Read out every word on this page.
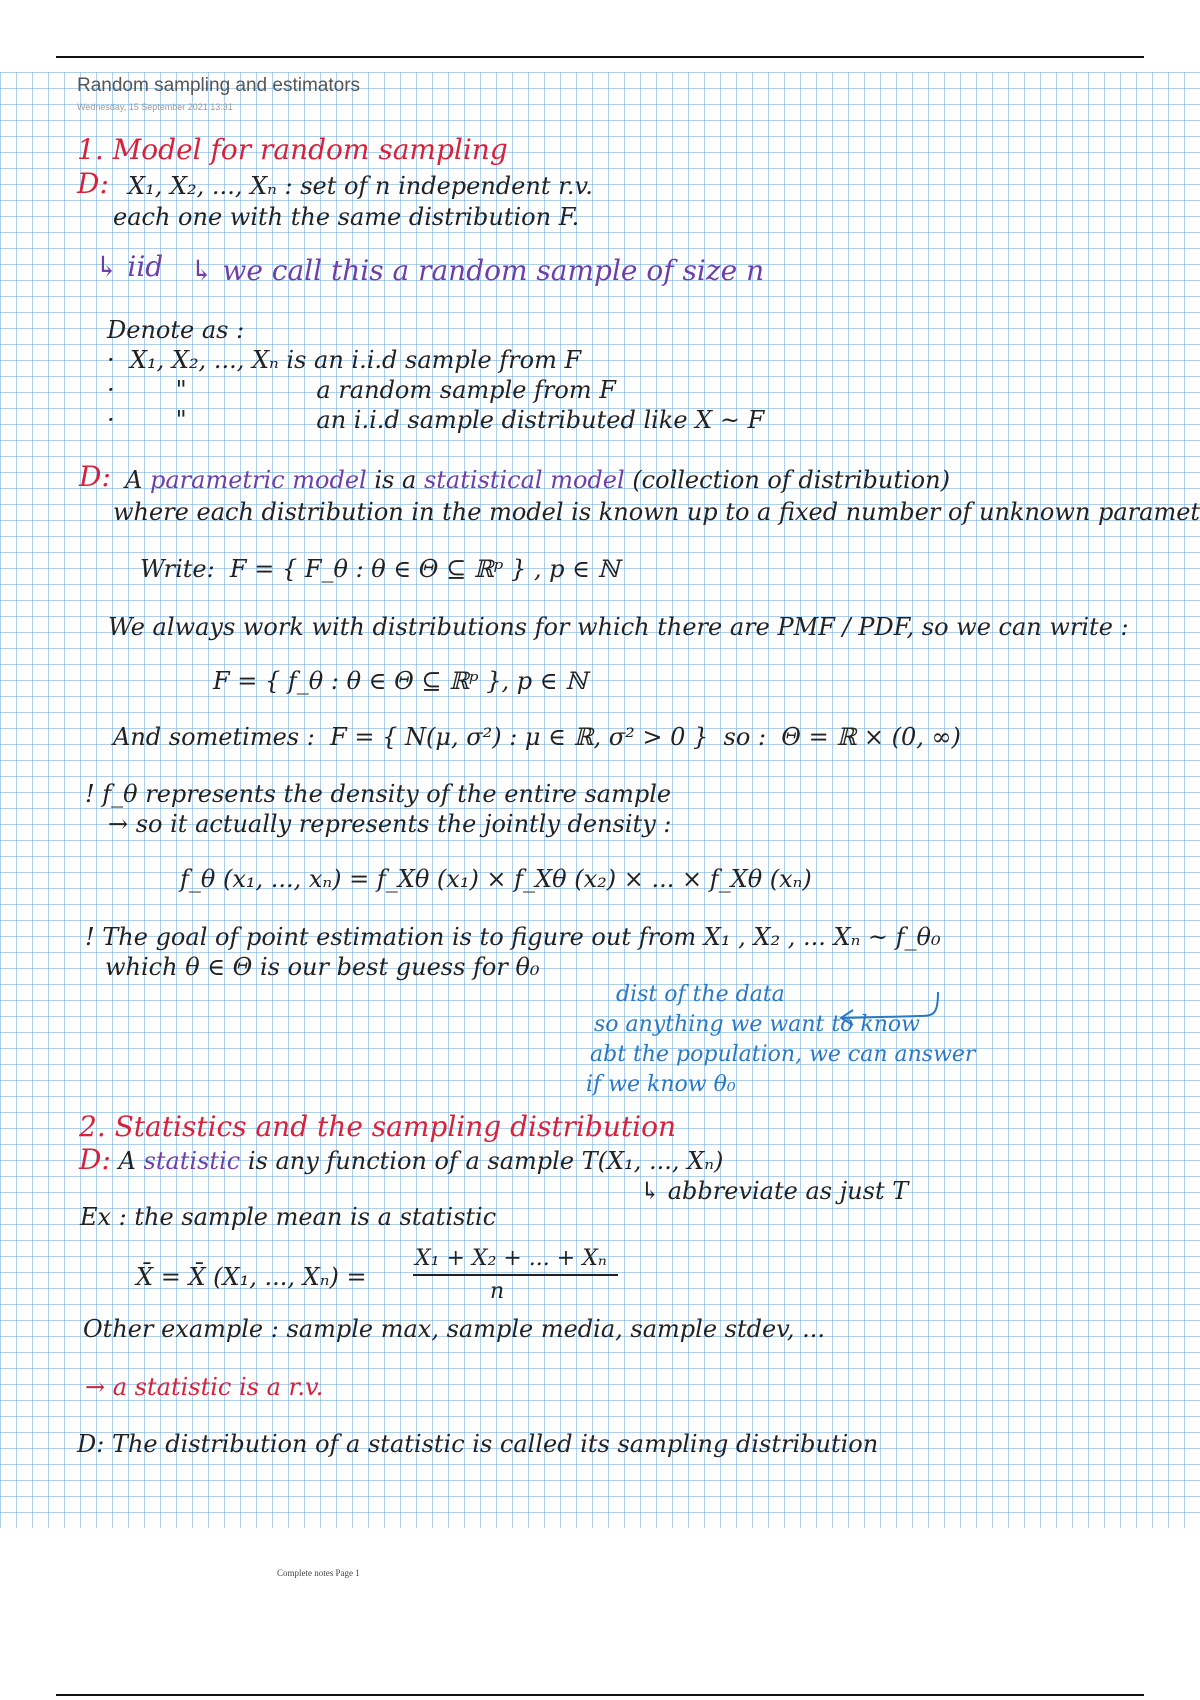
Random sampling and estimators
Wednesday, 15 September 2021 13:31
1. Model for random sampling
D: X₁, X₂, ..., Xₙ : set of n independent r.v.
each one with the same distribution F.
↳ iid ↳ we call this a random sample of size n
Denote as :
·  X₁, X₂, ..., Xₙ is an i.i.d sample from F
·        "                 a random sample from F
·        "                 an i.i.d sample distributed like X ~ F
D: A parametric model is a statistical model (collection of distribution)
where each distribution in the model is known up to a fixed number of unknown paramet
Write:  F = { F_θ : θ ∈ Θ ⊆ ℝᵖ } , p ∈ ℕ
We always work with distributions for which there are PMF / PDF, so we can write :
F = { f_θ : θ ∈ Θ ⊆ ℝᵖ }, p ∈ ℕ
And sometimes :  F = { N(μ, σ²) : μ ∈ ℝ, σ² > 0 }  so :  Θ = ℝ × (0, ∞)
! f_θ represents the density of the entire sample
→ so it actually represents the jointly density :
f_θ (x₁, ..., xₙ) = f_Xθ (x₁) × f_Xθ (x₂) × ... × f_Xθ (xₙ)
! The goal of point estimation is to figure out from X₁ , X₂ , ... Xₙ ~ f_θ₀
which θ ∈ Θ is our best guess for θ₀
dist of the data
so anything we want to know
abt the population, we can answer
if we know θ₀
2. Statistics and the sampling distribution
D: A statistic is any function of a sample T(X₁, ..., Xₙ)
↳ abbreviate as just T
Ex : the sample mean is a statistic
X̄ = X̄ (X₁, ..., Xₙ) =
X₁ + X₂ + ... + Xₙ
n
Other example : sample max, sample media, sample stdev, ...
→ a statistic is a r.v.
D: The distribution of a statistic is called its sampling distribution
Complete notes Page 1
